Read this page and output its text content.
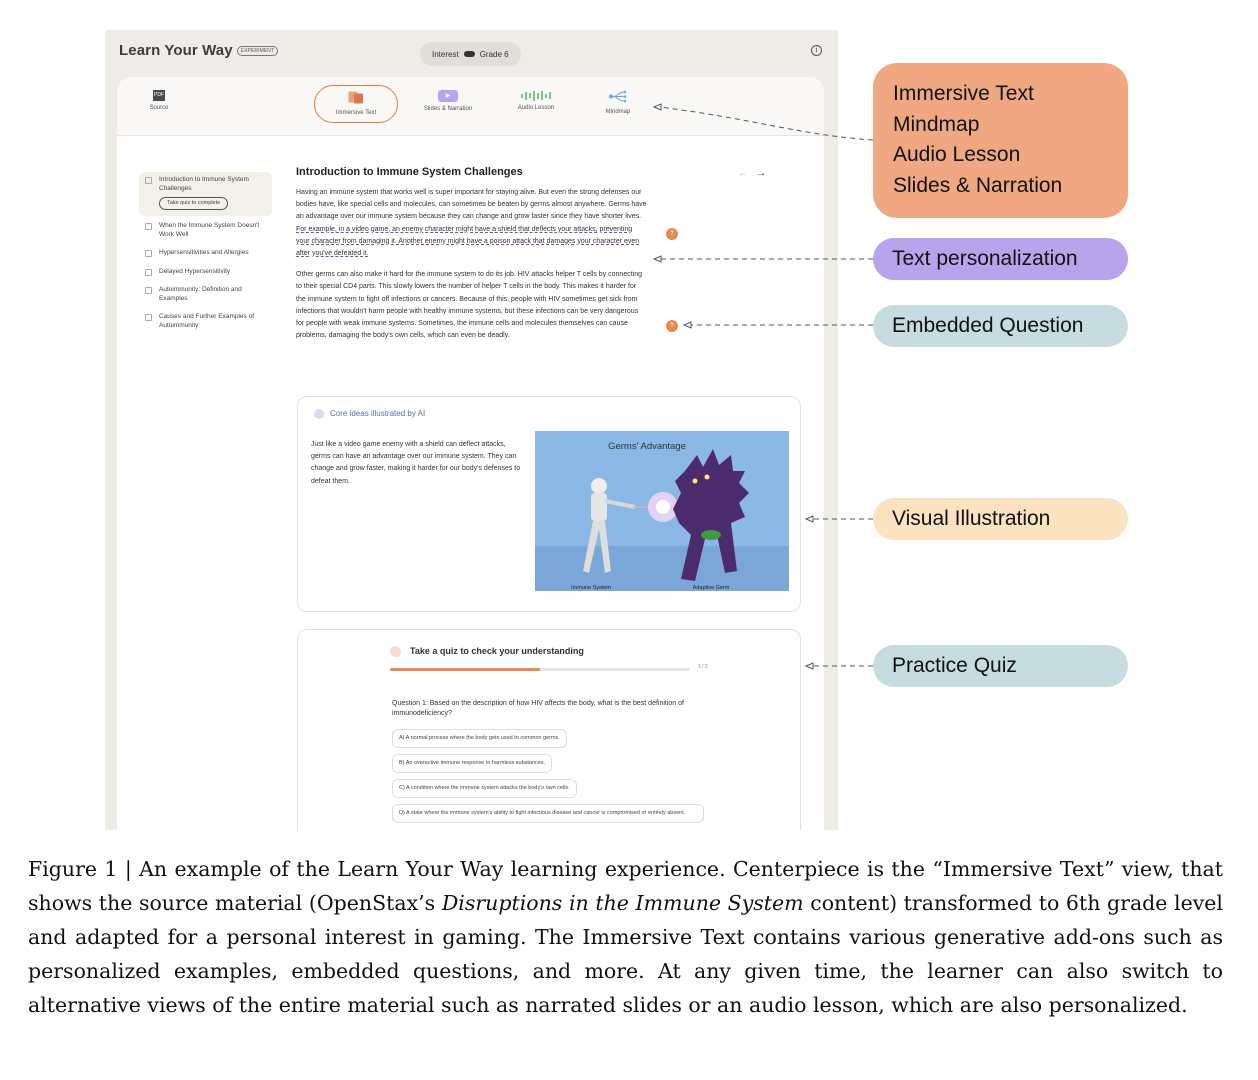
Learn Your Way EXPERIMENT	Interest	Grade 6	i
PDF
Source
Immersive Text
▶
Slides & Narration	Audio Lesson
Mindmap
Introduction to Immune System Challenges
Take quiz to complete
When the Immune System Doesn't Work Well
Hypersensitivities and Allergies
Delayed Hypersensitivity
Autoimmunity: Definition and Examples
Causes and Further Examples of Autoimmunity
Introduction to Immune System Challenges	←→

Having an immune system that works well is super important for staying alive. But even the strong defenses our bodies have, like special cells and molecules, can sometimes be beaten by germs almost anywhere. Germs have an advantage over our immune system because they can change and grow faster since they have shorter lives. For example, in a video game, an enemy character might have a shield that deflects your attacks, preventing your character from damaging it. Another enemy might have a poison attack that damages your character even after you've defeated it.

Other germs can also make it hard for the immune system to do its job. HIV attacks helper T cells by connecting to their special CD4 parts. This slowly lowers the number of helper T cells in the body. This makes it harder for the immune system to fight off infections or cancers. Because of this, people with HIV sometimes get sick from infections that wouldn't harm people with healthy immune systems, but these infections can be very dangerous for people with weak immune systems. Sometimes, the immune cells and molecules themselves can cause problems, damaging the body's own cells, which can even be deadly.

?
?
Core ideas illustrated by AI
Just like a video game enemy with a shield can deflect attacks, germs can have an advantage over our immune system. They can change and grow faster, making it harder for our body's defenses to defeat them.
Germs' Advantage
Immune System	Adaptive Germ
Take a quiz to check your understanding
1 / 2
Question 1: Based on the description of how HIV affects the body, what is the best definition of immunodeficiency?
A) A normal process where the body gets used to common germs.
B) An overactive immune response to harmless substances.
C) A condition where the immune system attacks the body's own cells.
D) A state where the immune system's ability to fight infectious disease and cancer is compromised or entirely absent.
Immersive Text
Mindmap
Audio Lesson
Slides & Narration
Text personalization
Embedded Question
Visual Illustration
Practice Quiz

Figure 1 | An example of the Learn Your Way learning experience. Centerpiece is the “Immersive Text” view, that shows the source material (OpenStax’s Disruptions in the Immune System content) transformed to 6th grade level and adapted for a personal interest in gaming. The Immersive Text contains various generative add-ons such as personalized examples, embedded questions, and more. At any given time, the learner can also switch to alternative views of the entire material such as narrated slides or an audio lesson, which are also personalized.
